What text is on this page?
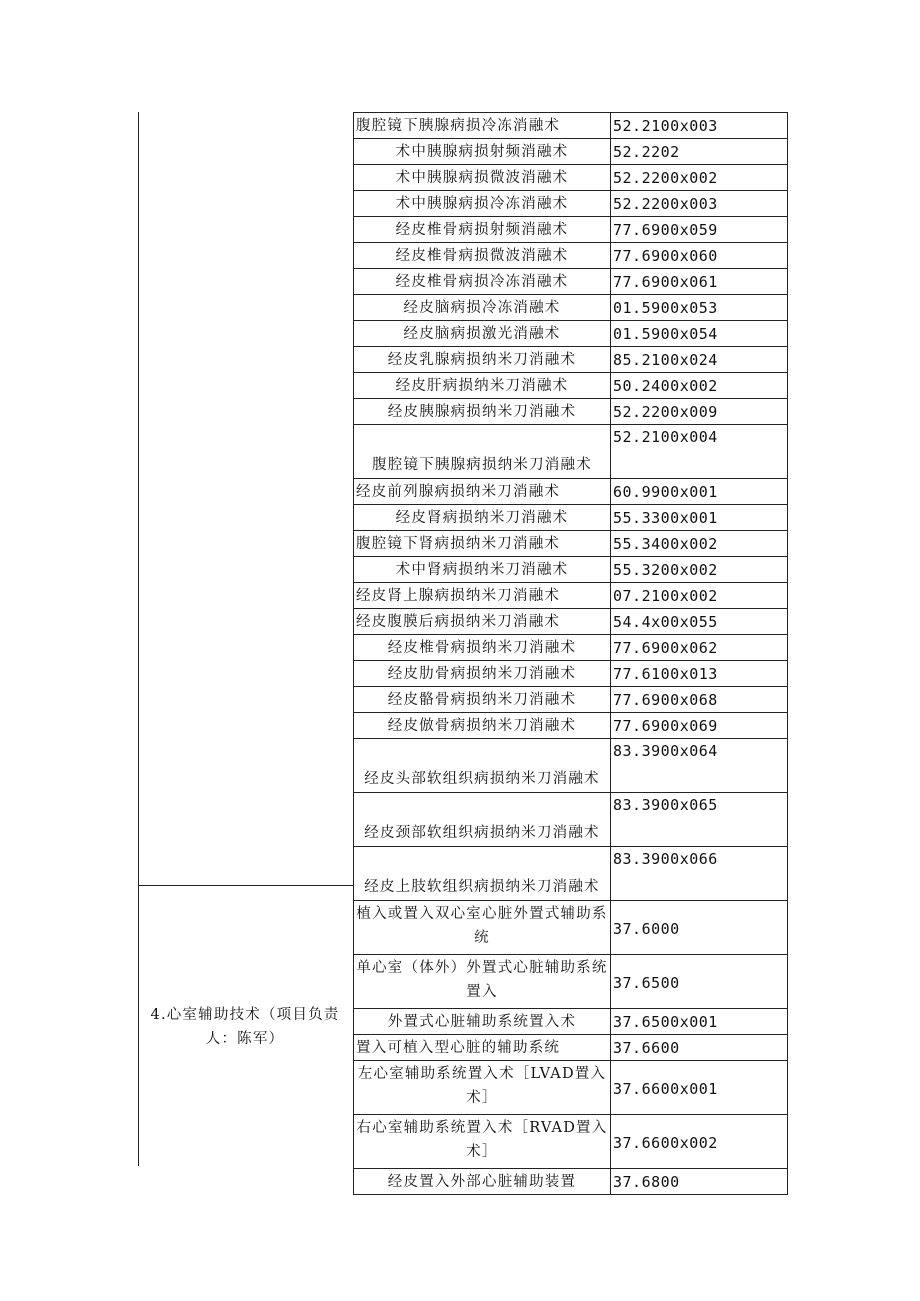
腹腔镜下胰腺病损冷冻消融术	52.2100x003
术中胰腺病损射频消融术	52.2202
术中胰腺病损微波消融术	52.2200x002
术中胰腺病损冷冻消融术	52.2200x003
经皮椎骨病损射频消融术	77.6900x059
经皮椎骨病损微波消融术	77.6900x060
经皮椎骨病损冷冻消融术	77.6900x061
经皮脑病损冷冻消融术	01.5900x053
经皮脑病损激光消融术	01.5900x054
经皮乳腺病损纳米刀消融术	85.2100x024
经皮肝病损纳米刀消融术	50.2400x002
经皮胰腺病损纳米刀消融术	52.2200x009
腹腔镜下胰腺病损纳米刀消融术	52.2100x004
经皮前列腺病损纳米刀消融术	60.9900x001
经皮肾病损纳米刀消融术	55.3300x001
腹腔镜下肾病损纳米刀消融术	55.3400x002
术中肾病损纳米刀消融术	55.3200x002
经皮肾上腺病损纳米刀消融术	07.2100x002
经皮腹膜后病损纳米刀消融术	54.4x00x055
经皮椎骨病损纳米刀消融术	77.6900x062
经皮肋骨病损纳米刀消融术	77.6100x013
经皮骼骨病损纳米刀消融术	77.6900x068
经皮倣骨病损纳米刀消融术	77.6900x069
经皮头部软组织病损纳米刀消融术	83.3900x064
经皮颈部软组织病损纳米刀消融术	83.3900x065
经皮上肢软组织病损纳米刀消融术	83.3900x066
植入或置入双心室心脏外置式辅助系统	37.6000
单心室（体外）外置式心脏辅助系统置入	37.6500
外置式心脏辅助系统置入术	37.6500x001
置入可植入型心脏的辅助系统	37.6600
左心室辅助系统置入术［LVAD置入术］	37.6600x001
右心室辅助系统置入术［RVAD置入术］	37.6600x002
经皮置入外部心脏辅助装置	37.6800
4.心室辅助技术（项目负责人：陈军）
